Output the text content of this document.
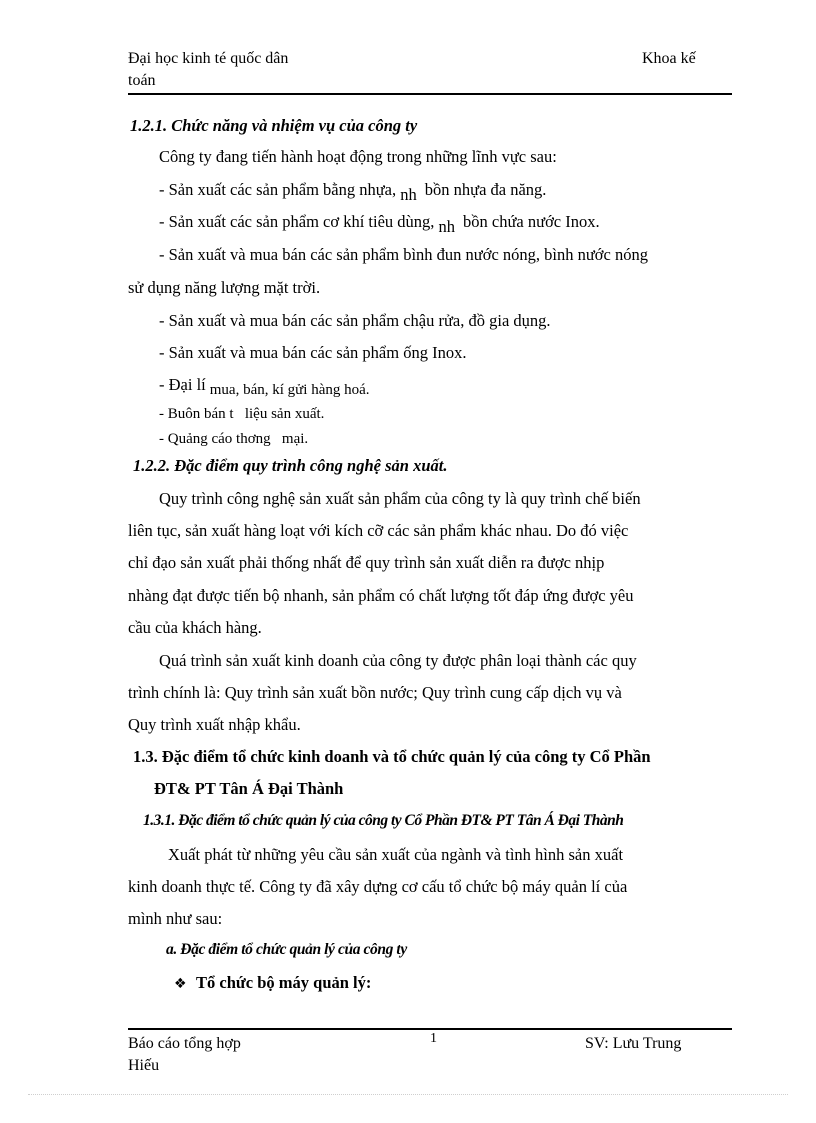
Đại học kinh té quốc dân
toán
Khoa kế
1.2.1. Chức năng và nhiệm vụ của công ty
Công ty đang tiến hành hoạt động trong những lĩnh vực sau:
- Sản xuất các sản phẩm bằng nhựa, nh bồn nhựa đa năng.
- Sản xuất các sản phẩm cơ khí tiêu dùng, nh bồn chứa nước Inox.
- Sản xuất và mua bán các sản phẩm bình đun nước nóng, bình nước nóng
sử dụng năng lượng mặt trời.
- Sản xuất và mua bán các sản phẩm chậu rửa, đồ gia dụng.
- Sản xuất và mua bán các sản phẩm ống Inox.
- Đại lí mua, bán, kí gửi hàng hoá.
- Buôn bán t   liệu sản xuất.
- Quảng cáo thơng   mại.
1.2.2. Đặc điểm quy trình công nghệ sản xuất.
Quy trình công nghệ sản xuất sản phẩm của công ty là quy trình chế biến
liên tục, sản xuất hàng loạt với kích cỡ các sản phẩm khác nhau. Do đó việc
chỉ đạo sản xuất phải thống nhất để quy trình sản xuất diễn ra được nhịp
nhàng đạt được tiến bộ nhanh, sản phẩm có chất lượng tốt đáp ứng được yêu
cầu của khách hàng.
Quá trình sản xuất kinh doanh của công ty được phân loại thành các quy
trình chính là: Quy trình sản xuất bồn nước; Quy trình cung cấp dịch vụ và
Quy trình xuất nhập khẩu.
1.3. Đặc điểm tổ chức kinh doanh và tổ chức quản lý của công ty Cổ Phần
ĐT& PT Tân Á Đại Thành
1.3.1. Đặc điểm tổ chức quản lý của công ty Cổ Phần ĐT& PT Tân Á Đại Thành
Xuất phát từ những yêu cầu sản xuất của ngành và tình hình sản xuất
kinh doanh thực tế. Công ty đã xây dựng cơ cấu tổ chức bộ máy quản lí của
mình như sau:
a. Đặc điểm tổ chức quản lý của công ty
❖ Tổ chức bộ máy quản lý:
Báo cáo tổng hợp
Hiếu
1	SV: Lưu Trung
